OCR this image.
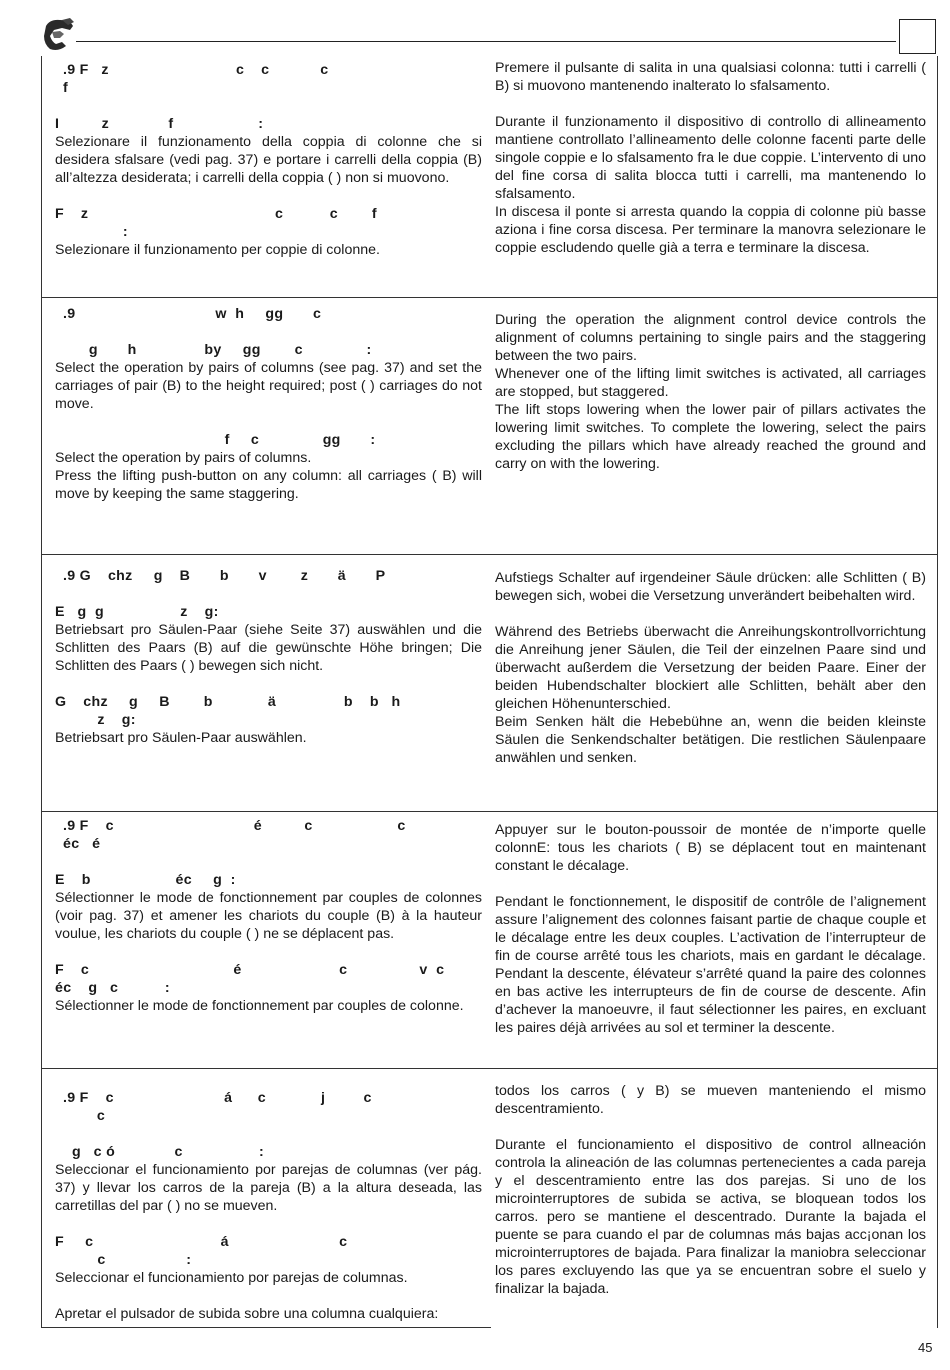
.9 F   z                              c    c            c

f

I          z              f                    :

Selezionare il funzionamento della coppia di colonne che si desidera sfalsare (vedi pag. 37) e portare i carrelli della coppia (B) all’altezza desiderata; i carrelli della coppia ( ) non si muovono.

F    z                                            c           c        f

:

Selezionare il funzionamento per coppie di colonne.

Premere il pulsante di salita in una qualsiasi colonna: tutti i carrelli ( B) si muovono mantenendo inalterato lo sfalsamento.

Durante il funzionamento il dispositivo di controllo di allineamento mantiene controllato l’allineamento delle colonne facenti parte delle singole coppie e lo sfalsamento fra le due coppie. L’intervento di uno del fine corsa di salita blocca tutti i carrelli, ma mantenendo lo sfalsamento.

In discesa il ponte si arresta quando la coppia di colonne più basse aziona i fine corsa discesa. Per terminare la manovra selezionare le coppie escludendo quelle già a terra e terminare la discesa.

.9                                 w  h     gg       c

g       h                by     gg        c               :

Select the operation by pairs of columns (see pag. 37) and set the carriages of pair (B) to the height required; post ( ) carriages do not move.

f     c               gg       :

Select the operation by pairs of columns.

Press the lifting push-button on any column: all carriages ( B) will move by keeping the same staggering.

During the operation the alignment control device controls the alignment of columns pertaining to single pairs and the staggering between the two pairs.

Whenever one of the lifting limit switches is activated, all carriages are stopped, but staggered.

The lift stops lowering when the lower pair of pillars activates the lowering limit switches. To complete the lowering, select the pairs excluding the pillars which have already reached the ground and carry on with the lowering.

.9 G    chz     g    B       b       v        z       ä       P

E   g  g                  z    g:

Betriebsart pro Säulen-Paar (siehe Seite 37) auswählen und die Schlitten des Paars (B) auf die gewünschte Höhe bringen; Die Schlitten des Paars ( ) bewegen sich nicht.

G    chz     g     B        b             ä                b    b   h

z    g:

Betriebsart pro Säulen-Paar auswählen.

Aufstiegs Schalter auf irgendeiner Säule drücken: alle Schlitten ( B) bewegen sich, wobei die Versetzung unverändert beibehalten wird.

Während des Betriebs überwacht die Anreihungskontrollvorrichtung die Anreihung jener Säulen, die Teil der einzelnen Paare sind und überwacht außerdem die Versetzung der beiden Paare. Einer der beiden Hubendschalter blockiert alle Schlitten, behält aber den gleichen Höhenunterschied.

Beim Senken hält die Hebebühne an, wenn die beiden kleinste Säulen die Senkendschalter betätigen. Die restlichen Säulenpaare anwählen und senken.

.9 F    c                                 é          c                    c

éc   é

E    b                    éc     g  :

Sélectionner le mode de fonctionnement par couples de colonnes (voir pag. 37) et amener les chariots du couple (B) à la hauteur voulue, les chariots du couple ( ) ne se déplacent pas.

F    c                                  é                       c                 v  c

éc    g   c           :

Sélectionner le mode de fonctionnement par couples de colonne.

Appuyer sur le bouton-poussoir de montée de n’importe quelle colonnE: tous les chariots ( B) se déplacent tout en maintenant constant le décalage.

Pendant le fonctionnement, le dispositif de contrôle de l’alignement assure l’alignement des colonnes faisant partie de chaque couple et le décalage entre les deux couples. L’activation de l’interrupteur de fin de course arrêté tous les chariots, mais en gardant le décalage. Pendant la descente, élévateur s’arrêté quand la paire des colonnes en bas active les interrupteurs de fin de course de descente. Afin d’achever la manoeuvre, il faut sélectionner les paires, en excluant les paires déjà arrivées au sol et terminer la descente.

.9 F    c                          á      c             j         c

c

g   c ó              c                  :

Seleccionar el funcionamiento por parejas de columnas (ver pág. 37) y llevar los carros de la pareja (B) a la altura deseada, las carretillas del par ( ) no se mueven.

F     c                              á                          c

c                   :

Seleccionar el funcionamiento por parejas de columnas.

Apretar el pulsador de subida sobre una columna cualquiera:

todos los carros ( y B) se mueven manteniendo el mismo descentramiento.

Durante el funcionamiento el dispositivo de control allneación controla la alineación de las columnas pertenecientes a cada pareja y el descentramiento entre las dos parejas. Si uno de los microinterruptores de subida se activa, se bloquean todos los carros. pero se mantiene el descentrado. Durante la bajada el puente se para cuando el par de columnas más bajas acc¡onan los microinterruptores de bajada. Para finalizar la maniobra seleccionar los pares excluyendo las que ya se encuentran sobre el suelo y finalizar la bajada.

45
